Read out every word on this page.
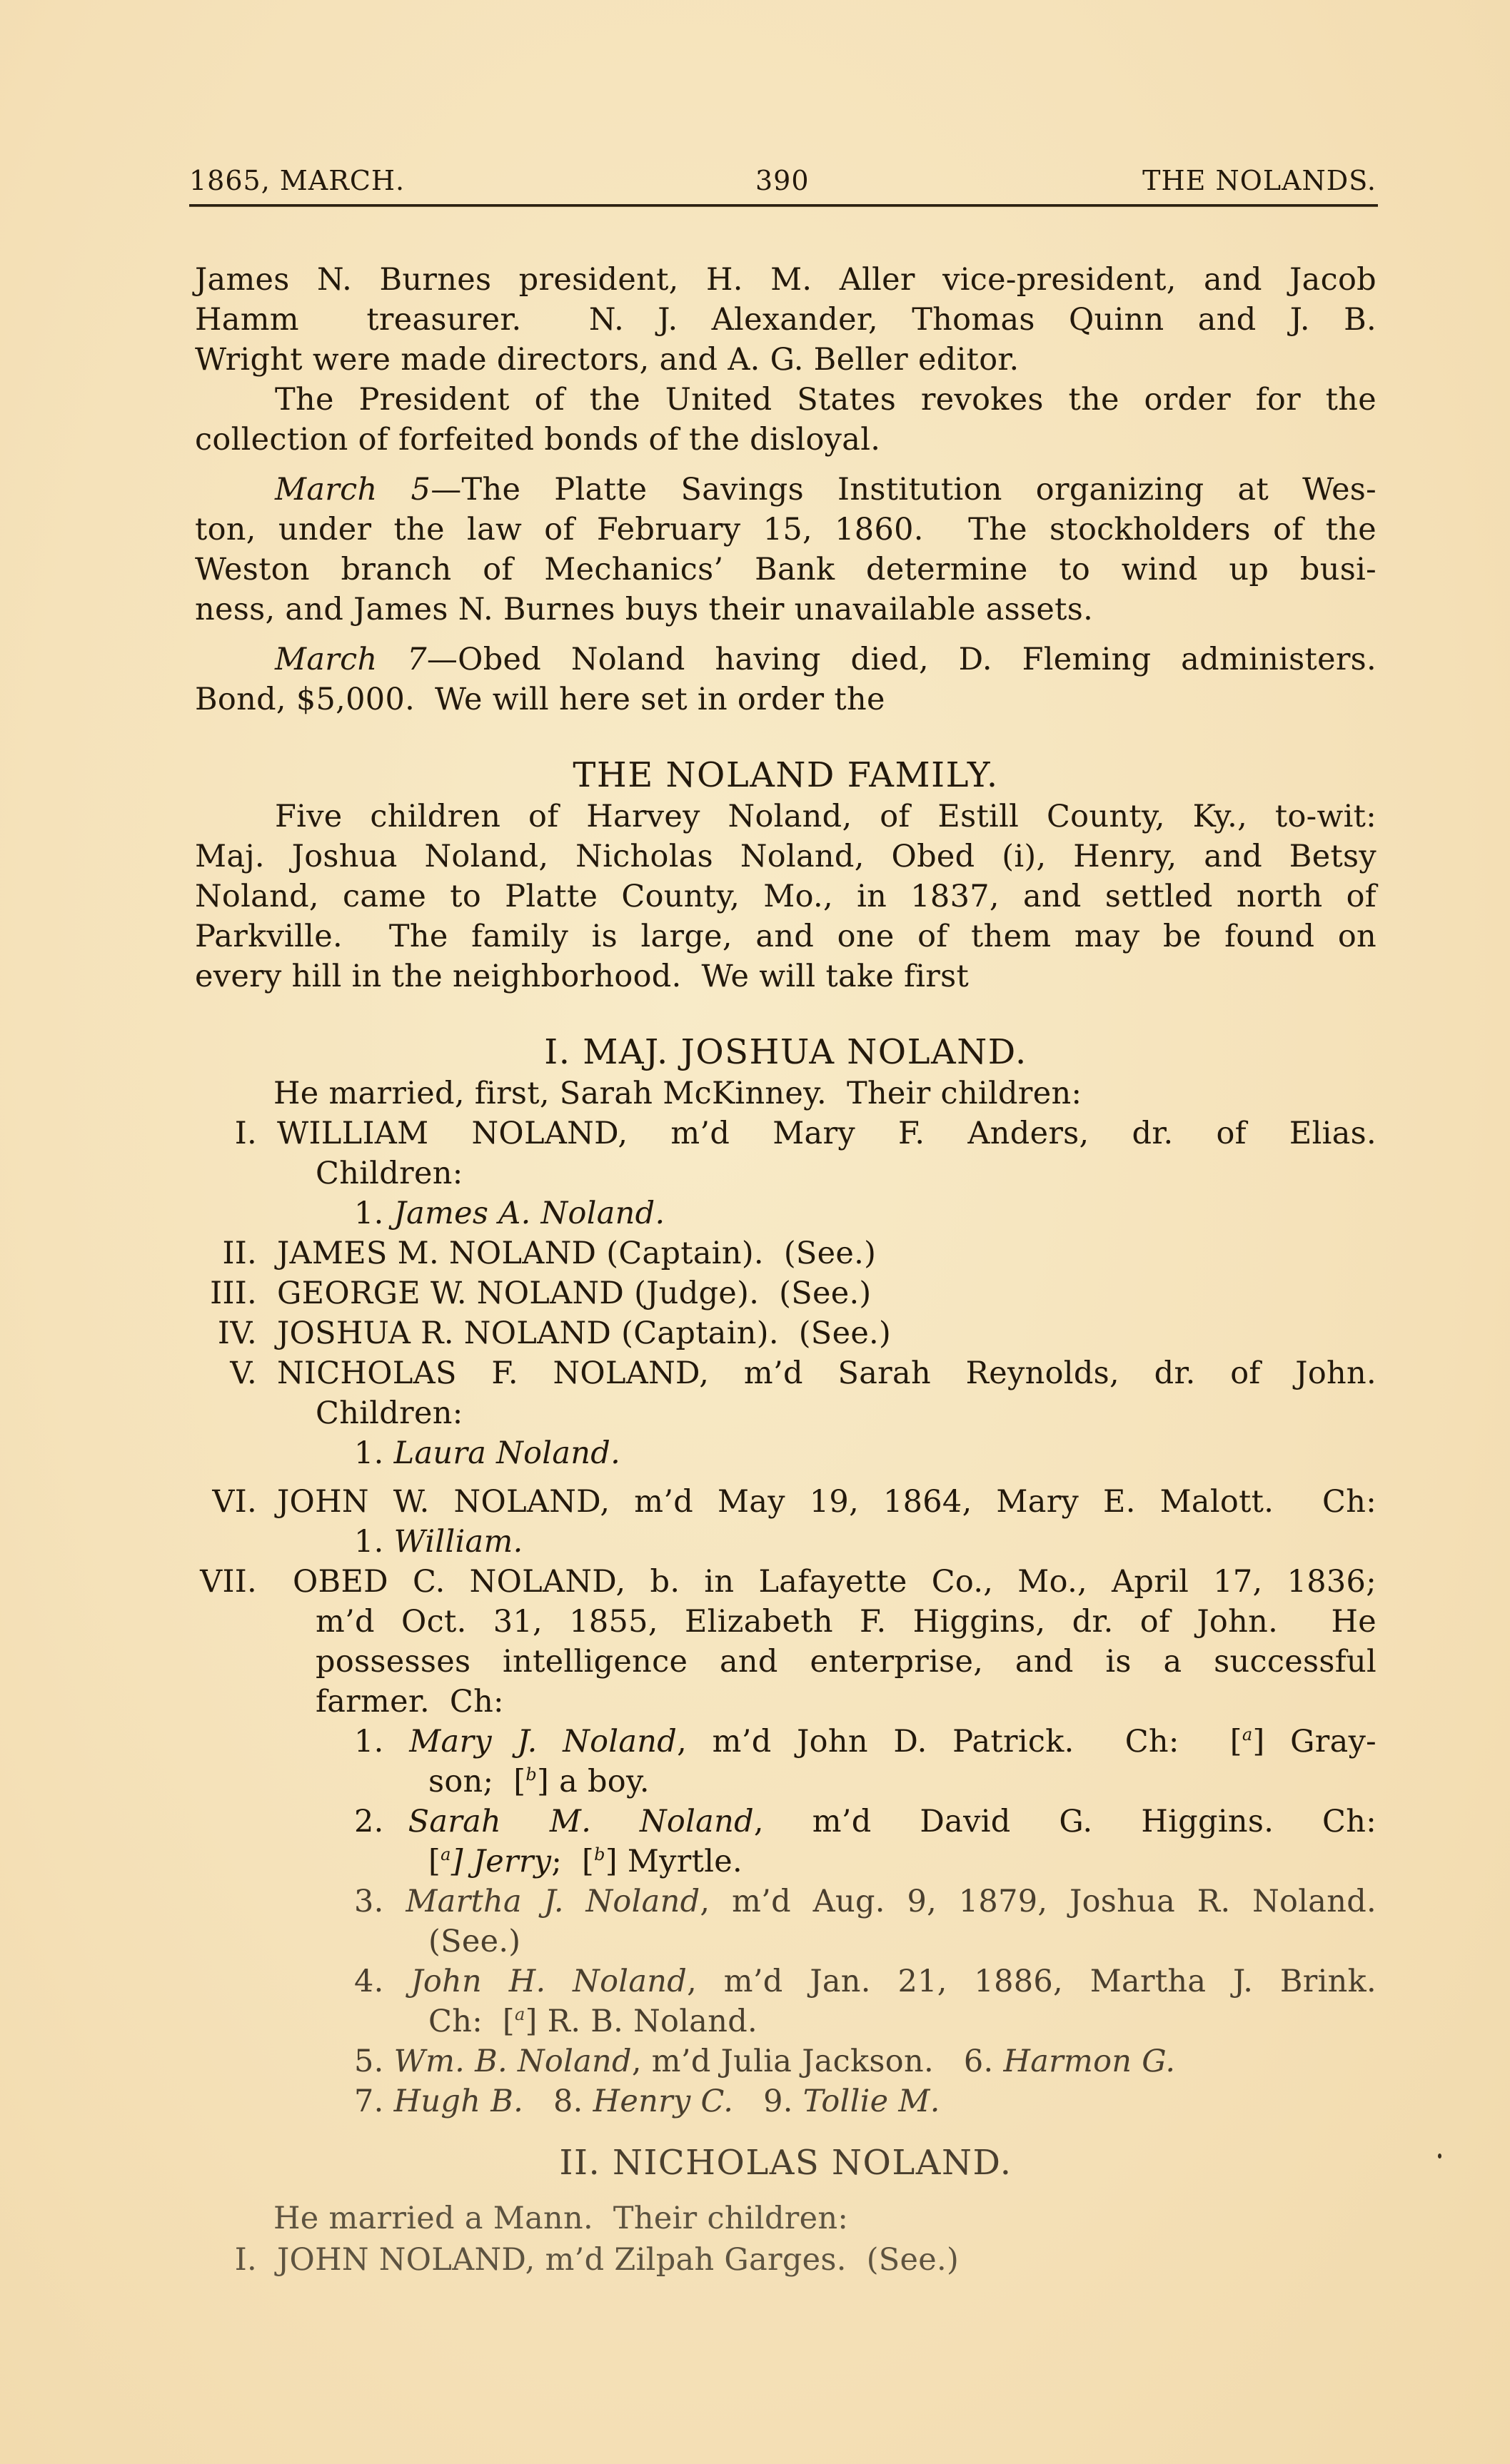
1865, MARCH.	390	THE NOLANDS.
James N. Burnes president, H. M. Aller vice-president, and Jacob
Hamm  treasurer.  N. J. Alexander, Thomas Quinn and J. B.
Wright were made directors, and A. G. Beller editor.
The President of the United States revokes the order for the
collection of forfeited bonds of the disloyal.
March 5—The Platte Savings Institution organizing at Wes-
ton, under the law of February 15, 1860.  The stockholders of the
Weston branch of Mechanics’ Bank determine to wind up busi-
ness, and James N. Burnes buys their unavailable assets.
March 7—Obed Noland having died, D. Fleming administers.
Bond, $5,000.  We will here set in order the
THE NOLAND FAMILY.
Five children of Harvey Noland, of Estill County, Ky., to-wit:
Maj. Joshua Noland, Nicholas Noland, Obed (i), Henry, and Betsy
Noland, came to Platte County, Mo., in 1837, and settled north of
Parkville.  The family is large, and one of them may be found on
every hill in the neighborhood.  We will take first
I. MAJ. JOSHUA NOLAND.
He married, first, Sarah McKinney.  Their children:
I. WILLIAM NOLAND, m’d Mary F. Anders, dr. of Elias.
Children:
1. James A. Noland.
II. JAMES M. NOLAND (Captain).  (See.)
III. GEORGE W. NOLAND (Judge).  (See.)
IV. JOSHUA R. NOLAND (Captain).  (See.)
V. NICHOLAS F. NOLAND, m’d Sarah Reynolds, dr. of John.
Children:
1. Laura Noland.
VI. JOHN W. NOLAND, m’d May 19, 1864, Mary E. Malott.  Ch:
1. William.
VII. OBED C. NOLAND, b. in Lafayette Co., Mo., April 17, 1836;
m’d Oct. 31, 1855, Elizabeth F. Higgins, dr. of John.  He
possesses intelligence and enterprise, and is a successful
farmer.  Ch:
1. Mary J. Noland, m’d John D. Patrick.  Ch:  [$^a$] Gray-
son;  [$^b$] a boy.
2. Sarah  M.  Noland,  m’d  David  G.  Higgins.  Ch:
[$^a$] Jerry;  [$^b$] Myrtle.
3. Martha J. Noland, m’d Aug. 9, 1879, Joshua R. Noland.
(See.)
4. John H. Noland, m’d Jan. 21, 1886, Martha J. Brink.
Ch:  [$^a$] R. B. Noland.
5. Wm. B. Noland, m’d Julia Jackson. 6. Harmon G.
7. Hugh B. 8. Henry C. 9. Tollie M.
II. NICHOLAS NOLAND.
He married a Mann.  Their children:
I. JOHN NOLAND, m’d Zilpah Garges.  (See.)
